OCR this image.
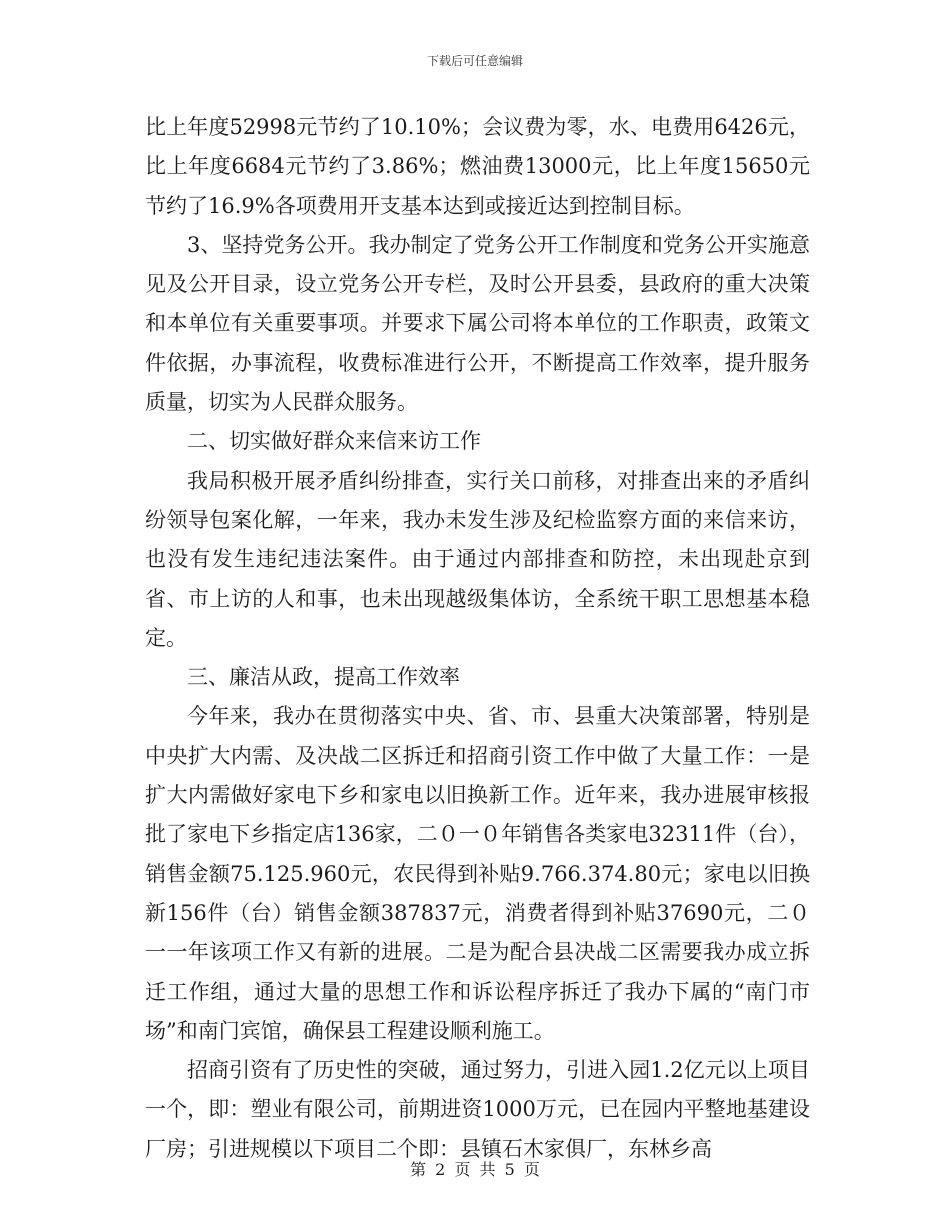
下载后可任意编辑

比上年度52998元节约了10.10%；会议费为零，水、电费用6426元，比上年度6684元节约了3.86%；燃油费13000元，比上年度15650元节约了16.9%各项费用开支基本达到或接近达到控制目标。

3、坚持党务公开。我办制定了党务公开工作制度和党务公开实施意见及公开目录，设立党务公开专栏，及时公开县委，县政府的重大决策和本单位有关重要事项。并要求下属公司将本单位的工作职责，政策文件依据，办事流程，收费标准进行公开，不断提高工作效率，提升服务质量，切实为人民群众服务。

二、切实做好群众来信来访工作

我局积极开展矛盾纠纷排查，实行关口前移，对排查出来的矛盾纠纷领导包案化解，一年来，我办未发生涉及纪检监察方面的来信来访，也没有发生违纪违法案件。由于通过内部排查和防控，未出现赴京到省、市上访的人和事，也未出现越级集体访，全系统干职工思想基本稳定。

三、廉洁从政，提高工作效率

今年来，我办在贯彻落实中央、省、市、县重大决策部署，特别是中央扩大内需、及决战二区拆迁和招商引资工作中做了大量工作：一是扩大内需做好家电下乡和家电以旧换新工作。近年来，我办进展审核报批了家电下乡指定店136家，二０一０年销售各类家电32311件（台），销售金额75.125.960元，农民得到补贴9.766.374.80元；家电以旧换新156件（台）销售金额387837元，消费者得到补贴37690元，二０一一年该项工作又有新的进展。二是为配合县决战二区需要我办成立拆迁工作组，通过大量的思想工作和诉讼程序拆迁了我办下属的“南门市场”和南门宾馆，确保县工程建设顺利施工。

招商引资有了历史性的突破，通过努力，引进入园1.2亿元以上项目一个，即：塑业有限公司，前期进资1000万元，已在园内平整地基建设厂房；引进规模以下项目二个即：县镇石木家俱厂，东林乡高

第 2 页 共 5 页
